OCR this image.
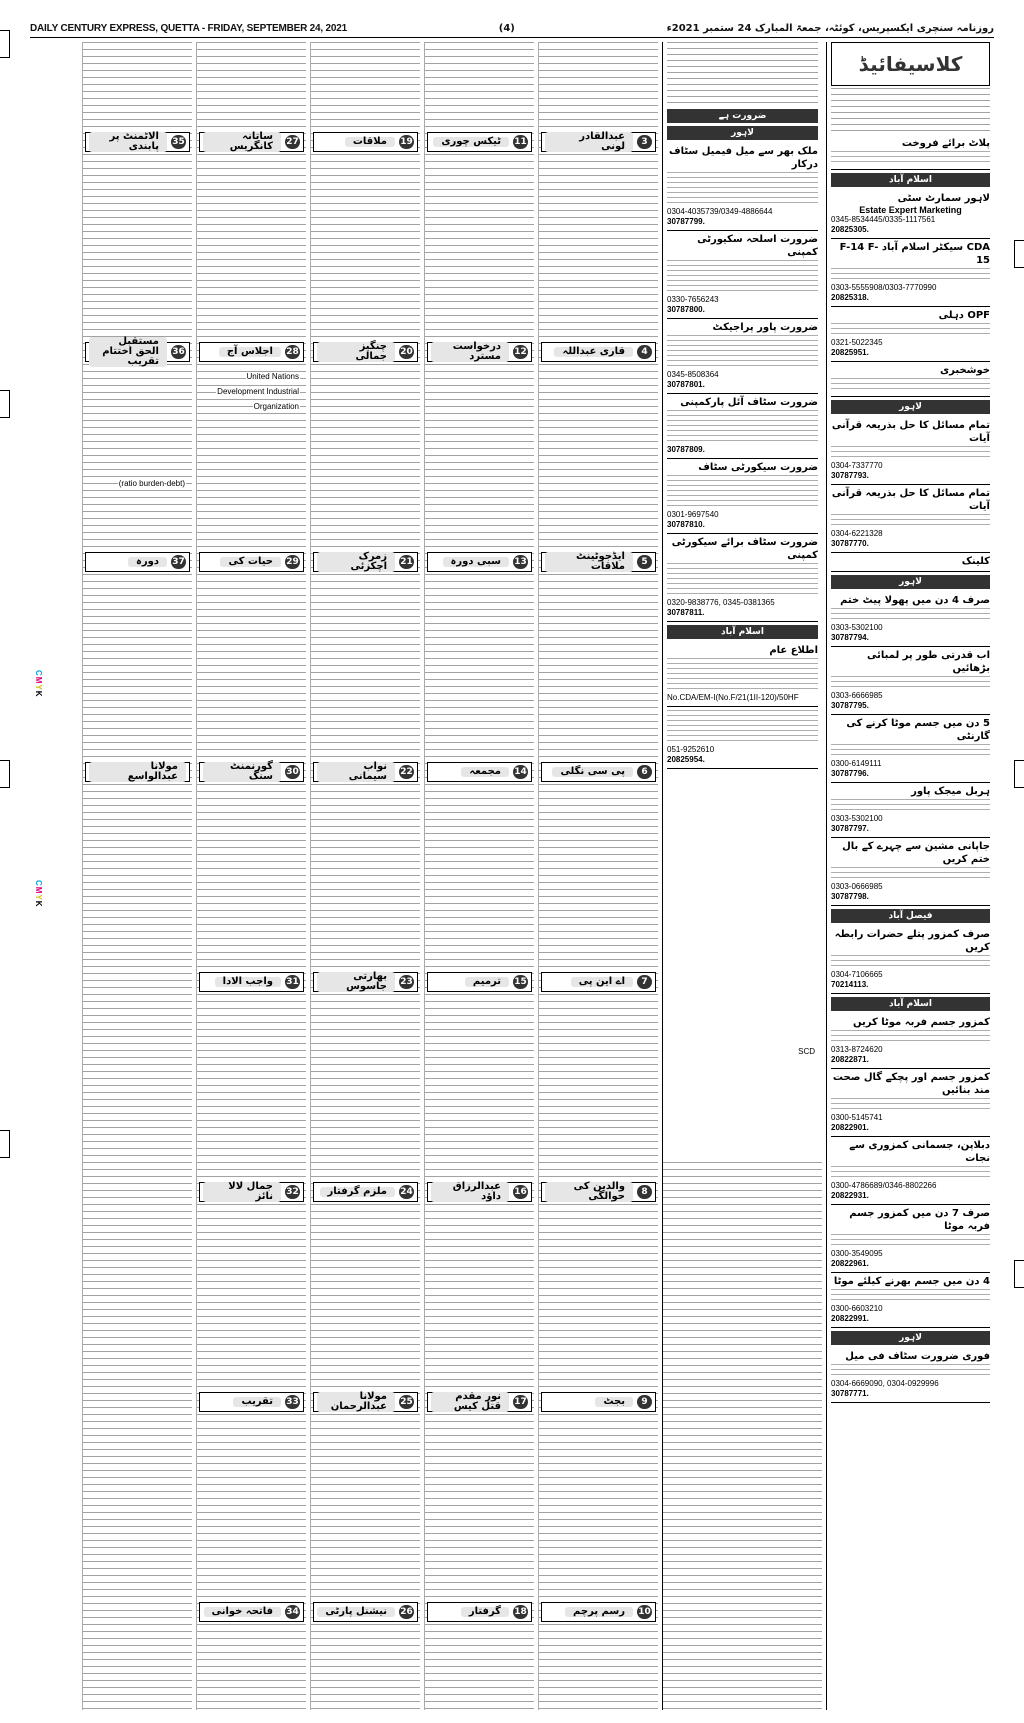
DAILY CENTURY EXPRESS, QUETTA - FRIDAY, SEPTEMBER 24, 2021	(4)	روزنامہ سنچری ایکسپریس، کوئٹہ، جمعۃ المبارک 24 ستمبر 2021ء
کلاسیفائیڈ
پلاٹ برائے فروخت
اسلام آباد
لاہور سمارٹ سٹی
Estate Expert Marketing
0345-8534445/0335-1117561
20825305.
CDA سیکٹر اسلام آباد F-14 F-15
0303-5555908/0303-7770990
20825318.
OPF دہلی
0321-5022345
20825951.
خوشخبری
لاہور
تمام مسائل کا حل بذریعہ قرآنی آیات
0304-7337770
30787793.
تمام مسائل کا حل بذریعہ قرآنی آیات
0304-6221328
30787770.
کلینک
لاہور
صرف 4 دن میں پھولا پیٹ ختم
0303-5302100
30787794.
اب قدرتی طور پر لمبائی بڑھائیں
0303-6666985
30787795.
5 دن میں جسم موٹا کرنے کی گارنٹی
0300-6149111
30787796.
ہربل میجک پاور
0303-5302100
30787797.
جاپانی مشین سے چہرے کے بال ختم کریں
0303-0666985
30787798.
فیصل آباد
صرف کمزور پتلے حضرات رابطہ کریں
0304-7106665
70214113.
اسلام آباد
کمزور جسم فربہ موٹا کریں
0313-8724620
20822871.
کمزور جسم اور پچکے گال صحت مند بنائیں
0300-5145741
20822901.
دبلاپن، جسمانی کمزوری سے نجات
0300-4786689/0346-8802266
20822931.
صرف 7 دن میں کمزور جسم فربہ موٹا
0300-3549095
20822961.
4 دن میں جسم بھرنے کیلئے موٹا
0300-6603210
20822991.
لاہور
فوری ضرورت سٹاف فی میل
0304-6669090, 0304-0929996
30787771.
ضرورت ہے
لاہور
ملک بھر سے میل فیمیل سٹاف درکار
0304-4035739/0349-4886644
30787799.
ضرورت اسلحہ سکیورٹی کمپنی
0330-7656243
30787800.
ضرورت پاور پراجیکٹ
0345-8508364
30787801.
ضرورت سٹاف آئل پارکمپنی
30787809.
ضرورت سیکورٹی سٹاف
0301-9697540
30787810.
ضرورت سٹاف برائے سیکورٹی کمپنی
0320-9838776, 0345-0381365
30787811.
اسلام آباد
اطلاع عام
No.CDA/EM-I(No.F/21(1II-120)/50HF
051-9252610
20825954.
SCD
3
عبدالقادر لونی
4
قاری عبداللہ
5
ایڈجوٹینٹ ملاقات
6
پی سی نگلی
7
اے این پی
8
والدین کی حوالگی
9
بجٹ
10
رسم پرچم
11
ٹیکس چوری
12
درخواست مسترد
13
سبی دورہ
14
مجمعہ
15
ترمیم
16
عبدالرزاق داؤد
17
نور مقدم قتل کیس
18
گرفتار
19
ملاقات
20
چنگیز جمالی
21
زمرک اچکزئی
22
نواب سیمانی
23
بھارتی جاسوس
24
ملزم گرفتار
25
مولانا عبدالرحمان
26
نیشنل پارٹی
27
ساتانہ کانگریس
28
اجلاس آج
29
حیات کی
30
گورنمنٹ سنگ
31
واجب الادا
32
جمال لالا نائز
33
تقریب
34
فاتحہ خوانی
United Nations
Development Industrial
Organization
35
الاٹمنٹ پر پابندی
36
مستقبل الحق اختتام تقریب
37
دورہ
مولانا عبدالواسع
(ratio burden-debt)
CMYK
CMYK
